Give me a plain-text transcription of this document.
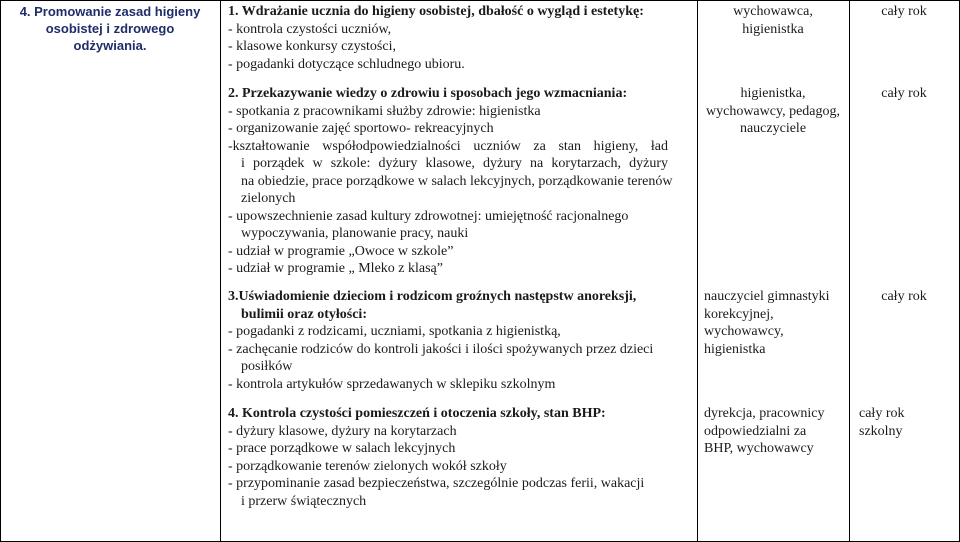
4. Promowanie zasad higieny

osobistej i zdrowego

odżywiania.

1. Wdrażanie ucznia do higieny osobistej, dbałość o wygląd i estetykę:

- kontrola czystości uczniów,

- klasowe konkursy czystości,

- pogadanki dotyczące schludnego ubioru.

wychowawca,

higienistka

cały rok

2. Przekazywanie wiedzy o zdrowiu i sposobach jego wzmacniania:

- spotkania z pracownikami służby zdrowie: higienistka

- organizowanie zajęć sportowo- rekreacyjnych

-kształtowanie współodpowiedzialności uczniów za stan higieny, ład

i porządek w szkole: dyżury klasowe, dyżury na korytarzach, dyżury

na obiedzie, prace porządkowe w salach lekcyjnych, porządkowanie terenów

zielonych

- upowszechnienie zasad kultury zdrowotnej: umiejętność racjonalnego

wypoczywania, planowanie pracy, nauki

- udział w programie „Owoce w szkole”

- udział w programie „ Mleko z klasą”

higienistka,

wychowawcy, pedagog,

nauczyciele

cały rok

3.Uświadomienie dzieciom i rodzicom groźnych następstw anoreksji,

bulimii oraz otyłości:

- pogadanki z rodzicami, uczniami, spotkania z higienistką,

- zachęcanie rodziców do kontroli jakości i ilości spożywanych przez dzieci

posiłków

- kontrola artykułów sprzedawanych w sklepiku szkolnym

nauczyciel gimnastyki

korekcyjnej,

wychowawcy,

higienistka

cały rok

4. Kontrola czystości pomieszczeń i otoczenia szkoły, stan BHP:

- dyżury klasowe, dyżury na korytarzach

- prace porządkowe w salach lekcyjnych

- porządkowanie terenów zielonych wokół szkoły

- przypominanie zasad bezpieczeństwa, szczególnie podczas ferii, wakacji

i przerw świątecznych

dyrekcja, pracownicy

odpowiedzialni za

BHP, wychowawcy

cały rok

szkolny
